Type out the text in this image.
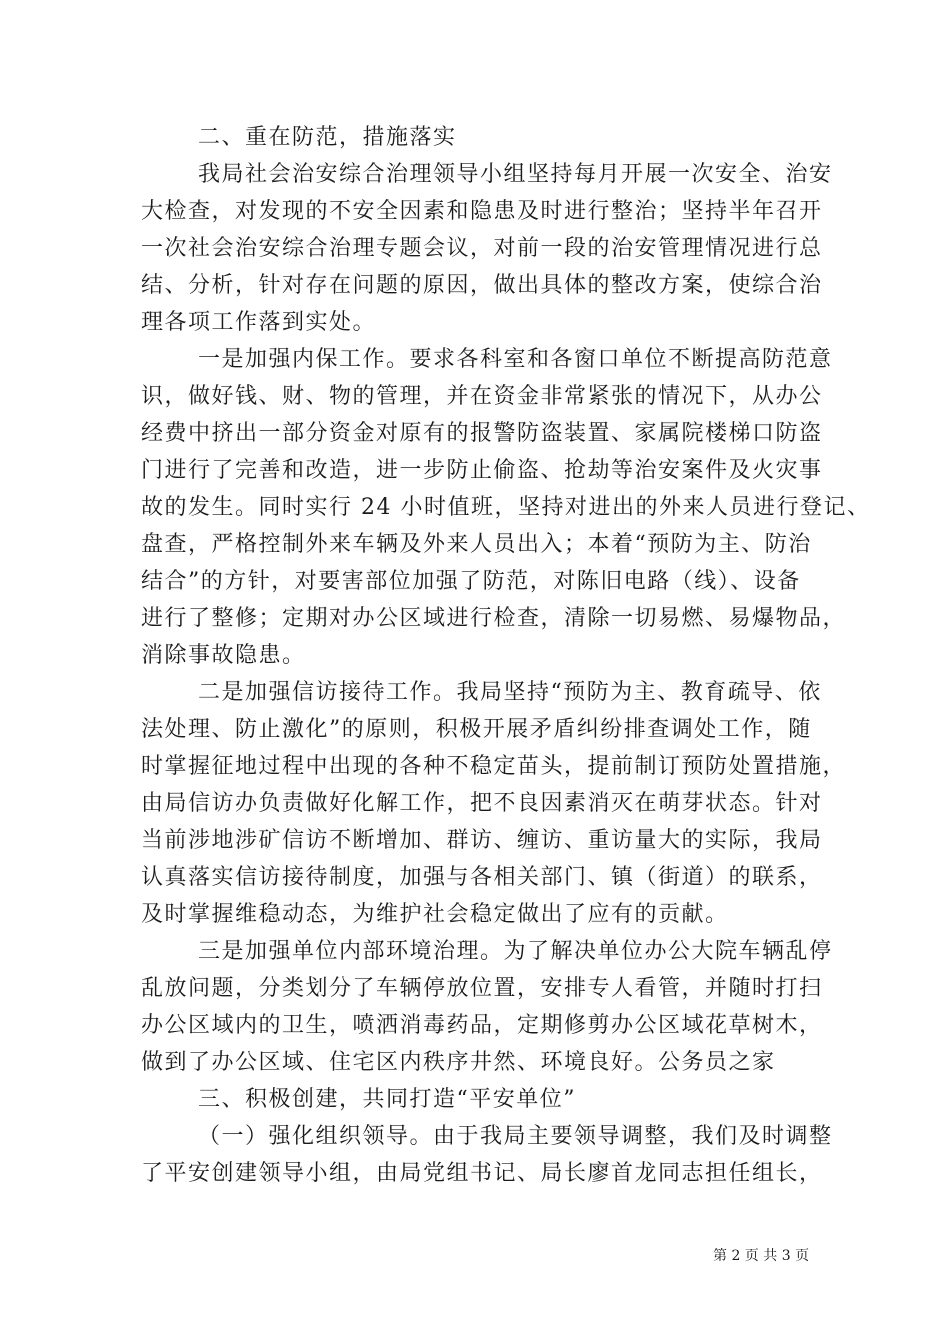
二、重在防范，措施落实
我局社会治安综合治理领导小组坚持每月开展一次安全、治安
大检查，对发现的不安全因素和隐患及时进行整治；坚持半年召开
一次社会治安综合治理专题会议，对前一段的治安管理情况进行总
结、分析，针对存在问题的原因，做出具体的整改方案，使综合治
理各项工作落到实处。
一是加强内保工作。要求各科室和各窗口单位不断提高防范意
识，做好钱、财、物的管理，并在资金非常紧张的情况下，从办公
经费中挤出一部分资金对原有的报警防盗装置、家属院楼梯口防盗
门进行了完善和改造，进一步防止偷盗、抢劫等治安案件及火灾事
故的发生。同时实行 24 小时值班，坚持对进出的外来人员进行登记、
盘查，严格控制外来车辆及外来人员出入；本着“预防为主、防治
结合”的方针，对要害部位加强了防范，对陈旧电路（线）、设备
进行了整修；定期对办公区域进行检查，清除一切易燃、易爆物品，
消除事故隐患。
二是加强信访接待工作。我局坚持“预防为主、教育疏导、依
法处理、防止激化”的原则，积极开展矛盾纠纷排查调处工作，随
时掌握征地过程中出现的各种不稳定苗头，提前制订预防处置措施，
由局信访办负责做好化解工作，把不良因素消灭在萌芽状态。针对
当前涉地涉矿信访不断增加、群访、缠访、重访量大的实际，我局
认真落实信访接待制度，加强与各相关部门、镇（街道）的联系，
及时掌握维稳动态，为维护社会稳定做出了应有的贡献。
三是加强单位内部环境治理。为了解决单位办公大院车辆乱停
乱放问题，分类划分了车辆停放位置，安排专人看管，并随时打扫
办公区域内的卫生，喷洒消毒药品，定期修剪办公区域花草树木，
做到了办公区域、住宅区内秩序井然、环境良好。公务员之家
三、积极创建，共同打造“平安单位”
（一）强化组织领导。由于我局主要领导调整，我们及时调整
了平安创建领导小组，由局党组书记、局长廖首龙同志担任组长，
第 2 页 共 3 页
